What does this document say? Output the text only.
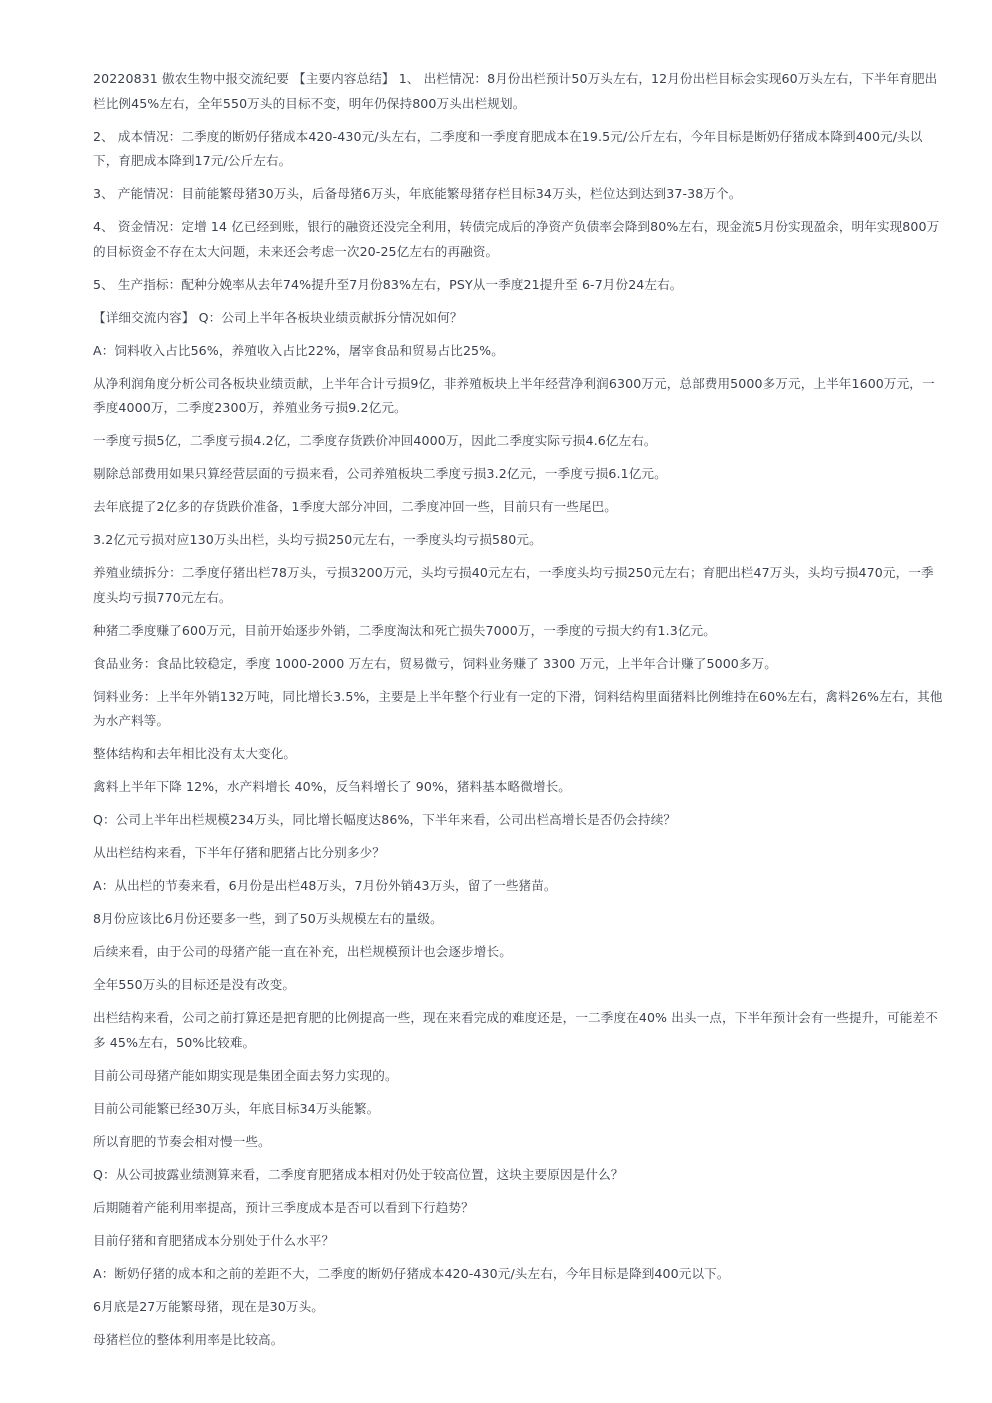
20220831 傲农生物中报交流纪要 【主要内容总结】 1、 出栏情况：8月份出栏预计50万头左右，12月份出栏目标会实现60万头左右，下半年育肥出栏比例45%左右，全年550万头的目标不变，明年仍保持800万头出栏规划。

2、 成本情况：二季度的断奶仔猪成本420-430元/头左右，二季度和一季度育肥成本在19.5元/公斤左右，今年目标是断奶仔猪成本降到400元/头以下，育肥成本降到17元/公斤左右。

3、 产能情况：目前能繁母猪30万头，后备母猪6万头，年底能繁母猪存栏目标34万头，栏位达到达到37-38万个。

4、 资金情况：定增 14 亿已经到账，银行的融资还没完全利用，转债完成后的净资产负债率会降到80%左右，现金流5月份实现盈余，明年实现800万的目标资金不存在太大问题，未来还会考虑一次20-25亿左右的再融资。

5、 生产指标：配种分娩率从去年74%提升至7月份83%左右，PSY从一季度21提升至 6-7月份24左右。

【详细交流内容】 Q：公司上半年各板块业绩贡献拆分情况如何？

A：饲料收入占比56%，养殖收入占比22%，屠宰食品和贸易占比25%。

从净利润角度分析公司各板块业绩贡献，上半年合计亏损9亿，非养殖板块上半年经营净利润6300万元，总部费用5000多万元，上半年1600万元，一季度4000万，二季度2300万，养殖业务亏损9.2亿元。

一季度亏损5亿，二季度亏损4.2亿，二季度存货跌价冲回4000万，因此二季度实际亏损4.6亿左右。

剔除总部费用如果只算经营层面的亏损来看，公司养殖板块二季度亏损3.2亿元，一季度亏损6.1亿元。

去年底提了2亿多的存货跌价准备，1季度大部分冲回，二季度冲回一些，目前只有一些尾巴。

3.2亿元亏损对应130万头出栏，头均亏损250元左右，一季度头均亏损580元。

养殖业绩拆分：二季度仔猪出栏78万头，亏损3200万元，头均亏损40元左右，一季度头均亏损250元左右；育肥出栏47万头，头均亏损470元，一季度头均亏损770元左右。

种猪二季度赚了600万元，目前开始逐步外销，二季度淘汰和死亡损失7000万，一季度的亏损大约有1.3亿元。

食品业务：食品比较稳定，季度 1000-2000 万左右，贸易微亏，饲料业务赚了 3300 万元，上半年合计赚了5000多万。

饲料业务：上半年外销132万吨，同比增长3.5%，主要是上半年整个行业有一定的下滑，饲料结构里面猪料比例维持在60%左右，禽料26%左右，其他为水产料等。

整体结构和去年相比没有太大变化。

禽料上半年下降 12%，水产料增长 40%，反刍料增长了 90%，猪料基本略微增长。

Q：公司上半年出栏规模234万头，同比增长幅度达86%，下半年来看，公司出栏高增长是否仍会持续？

从出栏结构来看，下半年仔猪和肥猪占比分别多少？

A：从出栏的节奏来看，6月份是出栏48万头，7月份外销43万头，留了一些猪苗。

8月份应该比6月份还要多一些，到了50万头规模左右的量级。

后续来看，由于公司的母猪产能一直在补充，出栏规模预计也会逐步增长。

全年550万头的目标还是没有改变。

出栏结构来看，公司之前打算还是把育肥的比例提高一些，现在来看完成的难度还是，一二季度在40% 出头一点，下半年预计会有一些提升，可能差不多 45%左右，50%比较难。

目前公司母猪产能如期实现是集团全面去努力实现的。

目前公司能繁已经30万头，年底目标34万头能繁。

所以育肥的节奏会相对慢一些。

Q：从公司披露业绩测算来看，二季度育肥猪成本相对仍处于较高位置，这块主要原因是什么？

后期随着产能利用率提高，预计三季度成本是否可以看到下行趋势？

目前仔猪和育肥猪成本分别处于什么水平？

A：断奶仔猪的成本和之前的差距不大，二季度的断奶仔猪成本420-430元/头左右，今年目标是降到400元以下。

6月底是27万能繁母猪，现在是30万头。

母猪栏位的整体利用率是比较高。
